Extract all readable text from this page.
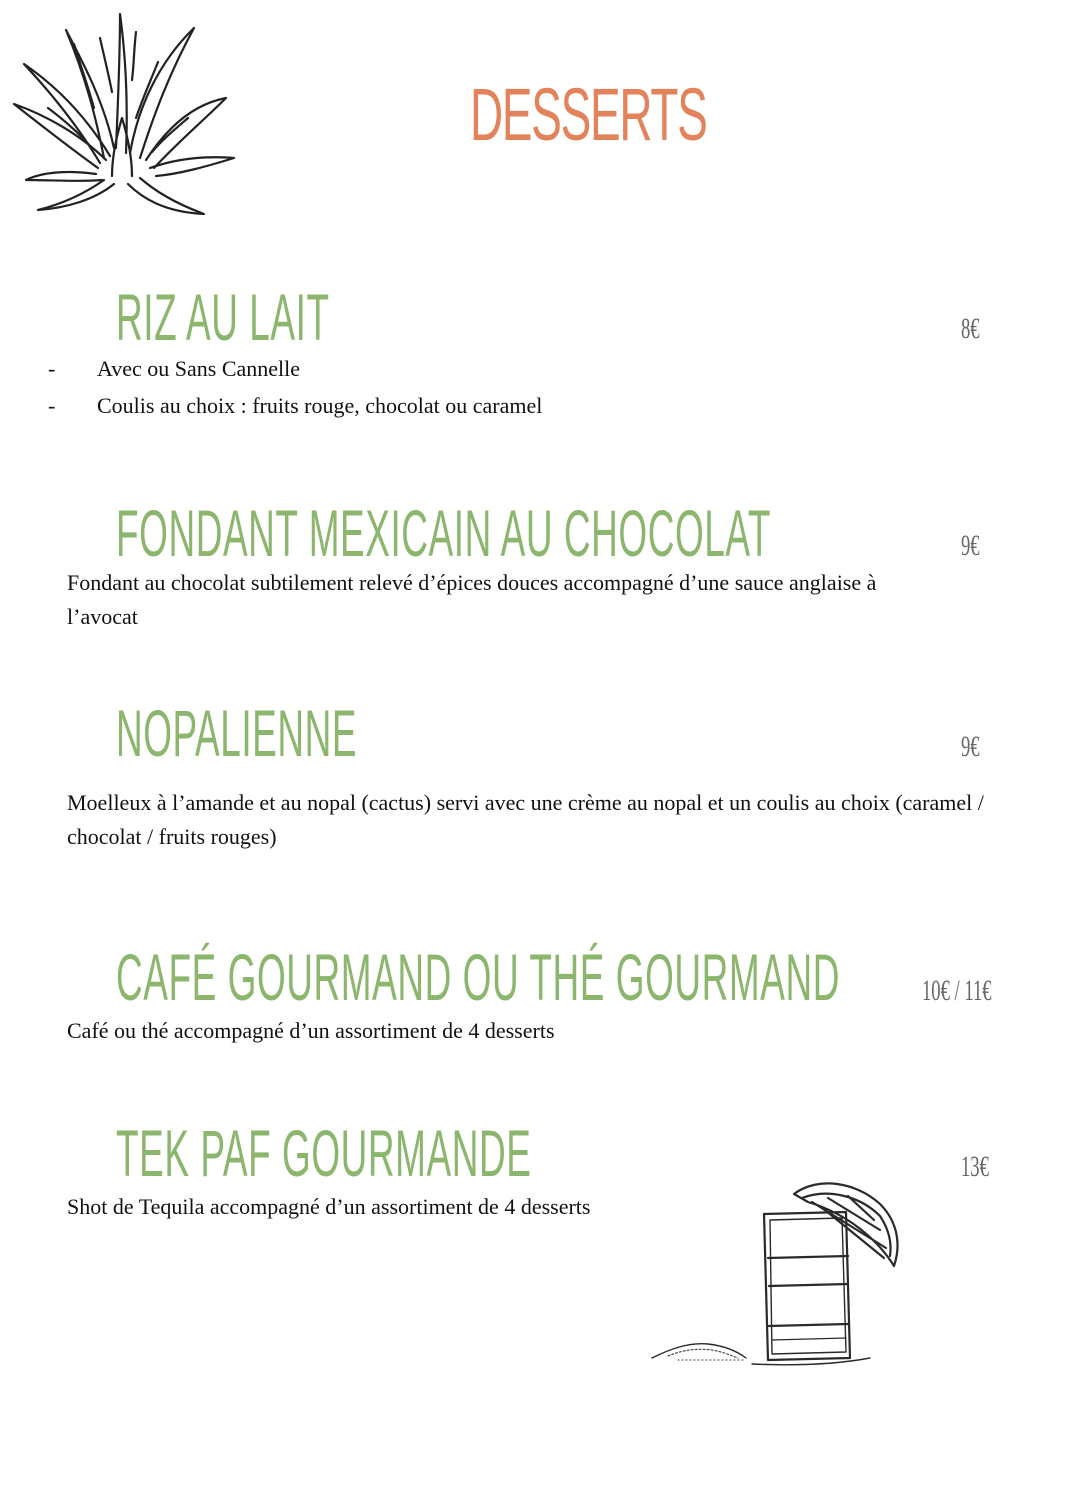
DESSERTS
RIZ AU LAIT	8€
- Avec ou Sans Cannelle
- Coulis au choix : fruits rouge, chocolat ou caramel
FONDANT MEXICAIN AU CHOCOLAT	9€
Fondant au chocolat subtilement relevé d’épices douces accompagné d’une sauce anglaise à l’avocat
NOPALIENNE	9€
Moelleux à l’amande et au nopal (cactus) servi avec une crème au nopal et un coulis au choix (caramel / chocolat / fruits rouges)
CAFÉ GOURMAND OU THÉ GOURMAND	10€ / 11€
Café ou thé accompagné d’un assortiment de 4 desserts
TEK PAF GOURMANDE	13€
Shot de Tequila accompagné d’un assortiment de 4 desserts
